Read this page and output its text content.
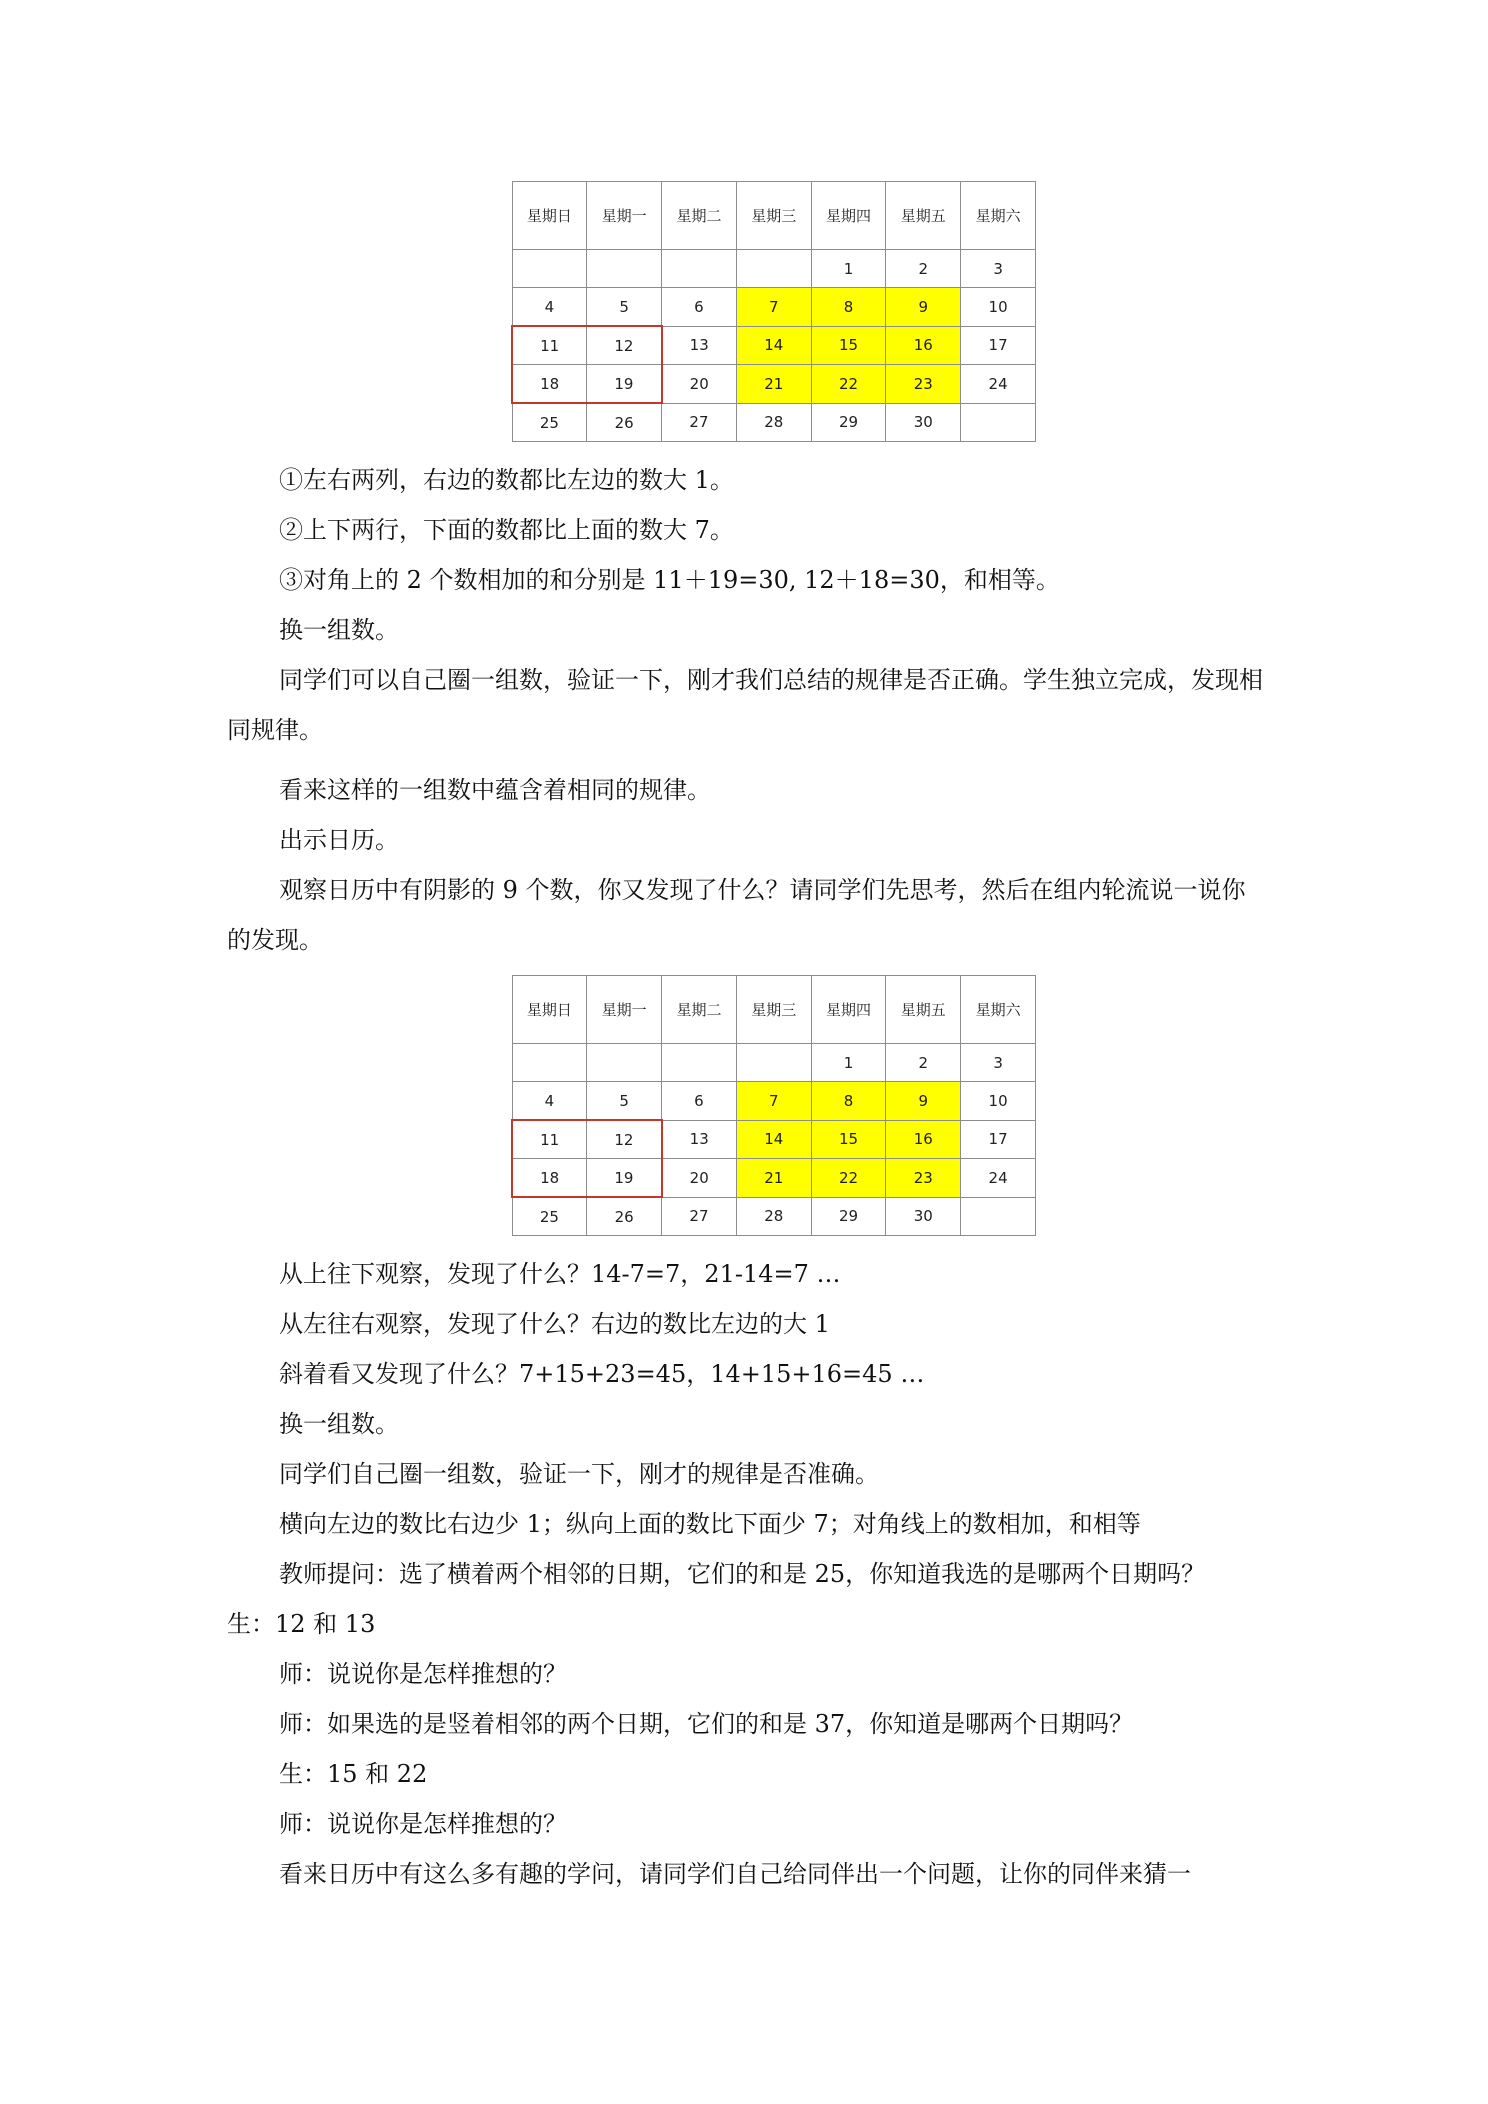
星期日	星期一	星期二	星期三	星期四	星期五	星期六
				1	2	3
4	5	6	7	8	9	10
11	12	13	14	15	16	17
18	19	20	21	22	23	24
25	26	27	28	29	30	

①左右两列，右边的数都比左边的数大 1。

②上下两行，下面的数都比上面的数大 7。

③对角上的 2 个数相加的和分别是 11＋19=30, 12＋18=30，和相等。

换一组数。

同学们可以自己圈一组数，验证一下，刚才我们总结的规律是否正确。学生独立完成，发现相同规律。

看来这样的一组数中蕴含着相同的规律。

出示日历。

观察日历中有阴影的 9 个数，你又发现了什么？请同学们先思考，然后在组内轮流说一说你的发现。

星期日	星期一	星期二	星期三	星期四	星期五	星期六
				1	2	3
4	5	6	7	8	9	10
11	12	13	14	15	16	17
18	19	20	21	22	23	24
25	26	27	28	29	30	

从上往下观察，发现了什么？14-7=7，21-14=7 …

从左往右观察，发现了什么？右边的数比左边的大 1

斜着看又发现了什么？7+15+23=45，14+15+16=45 …

换一组数。

同学们自己圈一组数，验证一下，刚才的规律是否准确。

横向左边的数比右边少 1；纵向上面的数比下面少 7；对角线上的数相加，和相等

教师提问：选了横着两个相邻的日期，它们的和是 25，你知道我选的是哪两个日期吗？

生：12 和 13

师：说说你是怎样推想的？

师：如果选的是竖着相邻的两个日期，它们的和是 37，你知道是哪两个日期吗？

生：15 和 22

师：说说你是怎样推想的？

看来日历中有这么多有趣的学问，请同学们自己给同伴出一个问题，让你的同伴来猜一
